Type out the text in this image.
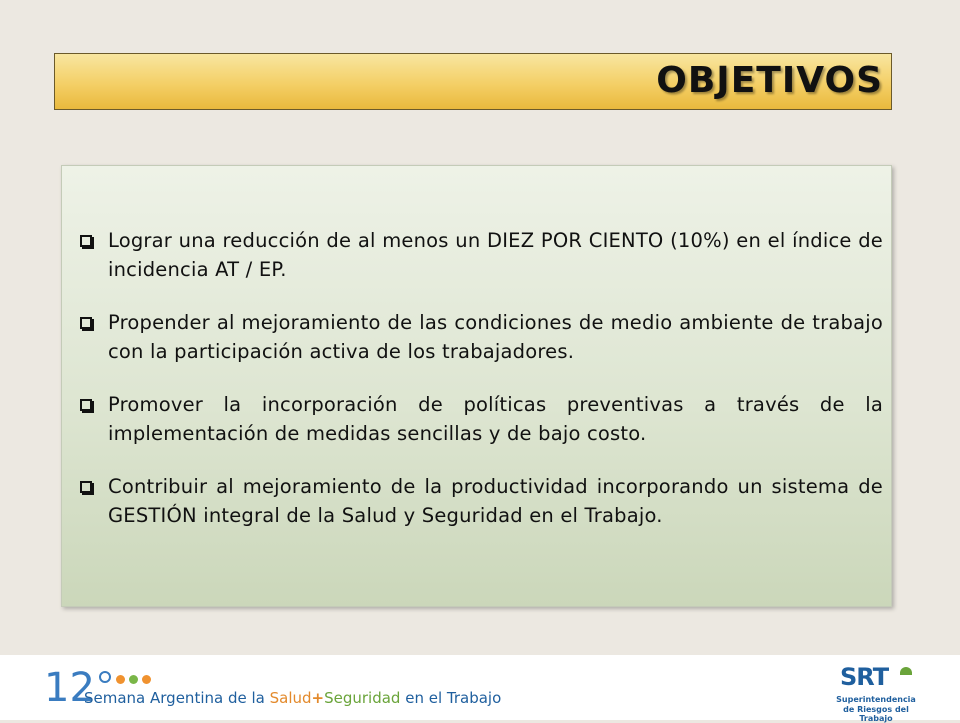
OBJETIVOS
Lograr una reducción de al menos un DIEZ POR CIENTO (10%) en el índice de incidencia AT / EP.
Propender al mejoramiento de las condiciones de medio ambiente de trabajo con la participación activa de los trabajadores.
Promover la incorporación de políticas preventivas a través de la implementación de medidas sencillas y de bajo costo.
Contribuir al mejoramiento de la productividad incorporando un sistema de GESTIÓN integral de la Salud y Seguridad en el Trabajo.
12
Semana Argentina de la Salud+Seguridad en el Trabajo
SRT
Superintendencia
de Riesgos del Trabajo
